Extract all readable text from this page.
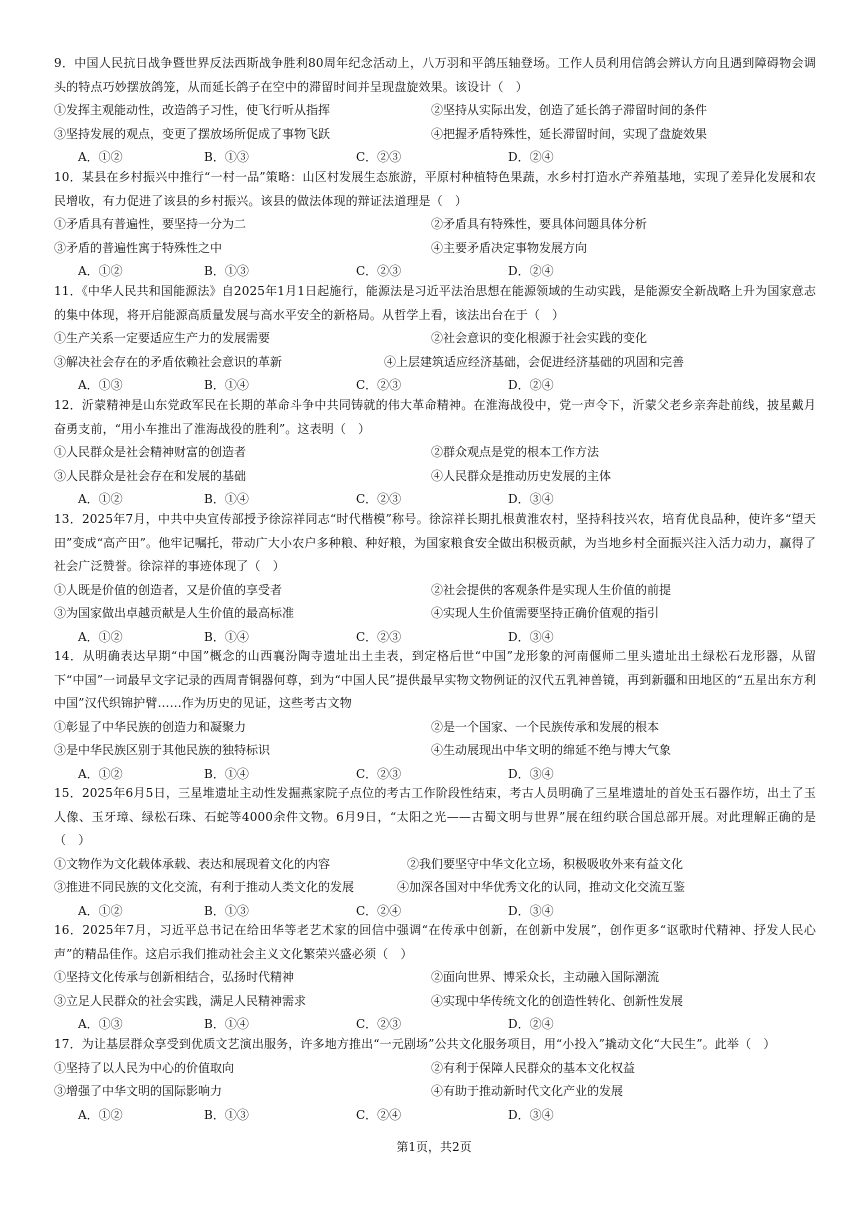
9．中国人民抗日战争暨世界反法西斯战争胜利80周年纪念活动上，八万羽和平鸽压轴登场。工作人员利用信鸽会辨认方向且遇到障碍物会调头的特点巧妙摆放鸽笼，从而延长鸽子在空中的滞留时间并呈现盘旋效果。该设计（　）

①发挥主观能动性，改造鸽子习性，使飞行听从指挥	②坚持从实际出发，创造了延长鸽子滞留时间的条件
③坚持发展的观点，变更了摆放场所促成了事物飞跃	④把握矛盾特殊性，延长滞留时间，实现了盘旋效果
A．①②	B．①③	C．②③	D．②④

10．某县在乡村振兴中推行“一村一品”策略：山区村发展生态旅游，平原村种植特色果蔬，水乡村打造水产养殖基地，实现了差异化发展和农民增收，有力促进了该县的乡村振兴。该县的做法体现的辩证法道理是（　）

①矛盾具有普遍性，要坚持一分为二	②矛盾具有特殊性，要具体问题具体分析
③矛盾的普遍性寓于特殊性之中	④主要矛盾决定事物发展方向
A．①②	B．①③	C．②③	D．②④

11．《中华人民共和国能源法》自2025年1月1日起施行，能源法是习近平法治思想在能源领域的生动实践，是能源安全新战略上升为国家意志的集中体现，将开启能源高质量发展与高水平安全的新格局。从哲学上看，该法出台在于（　）

①生产关系一定要适应生产力的发展需要	②社会意识的变化根源于社会实践的变化
③解决社会存在的矛盾依赖社会意识的革新	④上层建筑适应经济基础，会促进经济基础的巩固和完善
A．①③	B．①④	C．②③	D．②④

12．沂蒙精神是山东党政军民在长期的革命斗争中共同铸就的伟大革命精神。在淮海战役中，党一声令下，沂蒙父老乡亲奔赴前线，披星戴月奋勇支前，“用小车推出了淮海战役的胜利”。这表明（　）

①人民群众是社会精神财富的创造者	②群众观点是党的根本工作方法
③人民群众是社会存在和发展的基础	④人民群众是推动历史发展的主体
A．①②	B．①④	C．②③	D．③④

13．2025年7月，中共中央宣传部授予徐淙祥同志“时代楷模”称号。徐淙祥长期扎根黄淮农村，坚持科技兴农，培育优良品种，使许多“望天田”变成“高产田”。他牢记嘱托，带动广大小农户多种粮、种好粮，为国家粮食安全做出积极贡献，为当地乡村全面振兴注入活力动力，赢得了社会广泛赞誉。徐淙祥的事迹体现了（　）

①人既是价值的创造者，又是价值的享受者	②社会提供的客观条件是实现人生价值的前提
③为国家做出卓越贡献是人生价值的最高标准	④实现人生价值需要坚持正确价值观的指引
A．①②	B．①④	C．②③	D．③④

14．从明确表达早期“中国”概念的山西襄汾陶寺遗址出土圭表，到定格后世“中国”龙形象的河南偃师二里头遗址出土绿松石龙形器，从留下“中国”一词最早文字记录的西周青铜器何尊，到为“中国人民”提供最早实物文物例证的汉代五乳神兽镜，再到新疆和田地区的“五星出东方利中国”汉代织锦护臂……作为历史的见证，这些考古文物

①彰显了中华民族的创造力和凝聚力	②是一个国家、一个民族传承和发展的根本
③是中华民族区别于其他民族的独特标识	④生动展现出中华文明的绵延不绝与博大气象
A．①②	B．①④	C．②③	D．③④

15．2025年6月5日，三星堆遗址主动性发掘燕家院子点位的考古工作阶段性结束，考古人员明确了三星堆遗址的首处玉石器作坊，出土了玉人像、玉牙璋、绿松石珠、石蛇等4000余件文物。6月9日，“太阳之光——古蜀文明与世界”展在纽约联合国总部开展。对此理解正确的是（　）

①文物作为文化载体承载、表达和展现着文化的内容	②我们要坚守中华文化立场，积极吸收外来有益文化
③推进不同民族的文化交流，有利于推动人类文化的发展	④加深各国对中华优秀文化的认同，推动文化交流互鉴
A．①②	B．①③	C．②④	D．③④

16．2025年7月，习近平总书记在给田华等老艺术家的回信中强调“在传承中创新，在创新中发展”，创作更多“讴歌时代精神、抒发人民心声”的精品佳作。这启示我们推动社会主义文化繁荣兴盛必须（　）

①坚持文化传承与创新相结合，弘扬时代精神	②面向世界、博采众长，主动融入国际潮流
③立足人民群众的社会实践，满足人民精神需求	④实现中华传统文化的创造性转化、创新性发展
A．①③	B．①④	C．②③	D．②④

17．为让基层群众享受到优质文艺演出服务，许多地方推出“一元剧场”公共文化服务项目，用“小投入”撬动文化“大民生”。此举（　）

①坚持了以人民为中心的价值取向	②有利于保障人民群众的基本文化权益
③增强了中华文明的国际影响力	④有助于推动新时代文化产业的发展
A．①②	B．①③	C．②④	D．③④
第1页，共2页
